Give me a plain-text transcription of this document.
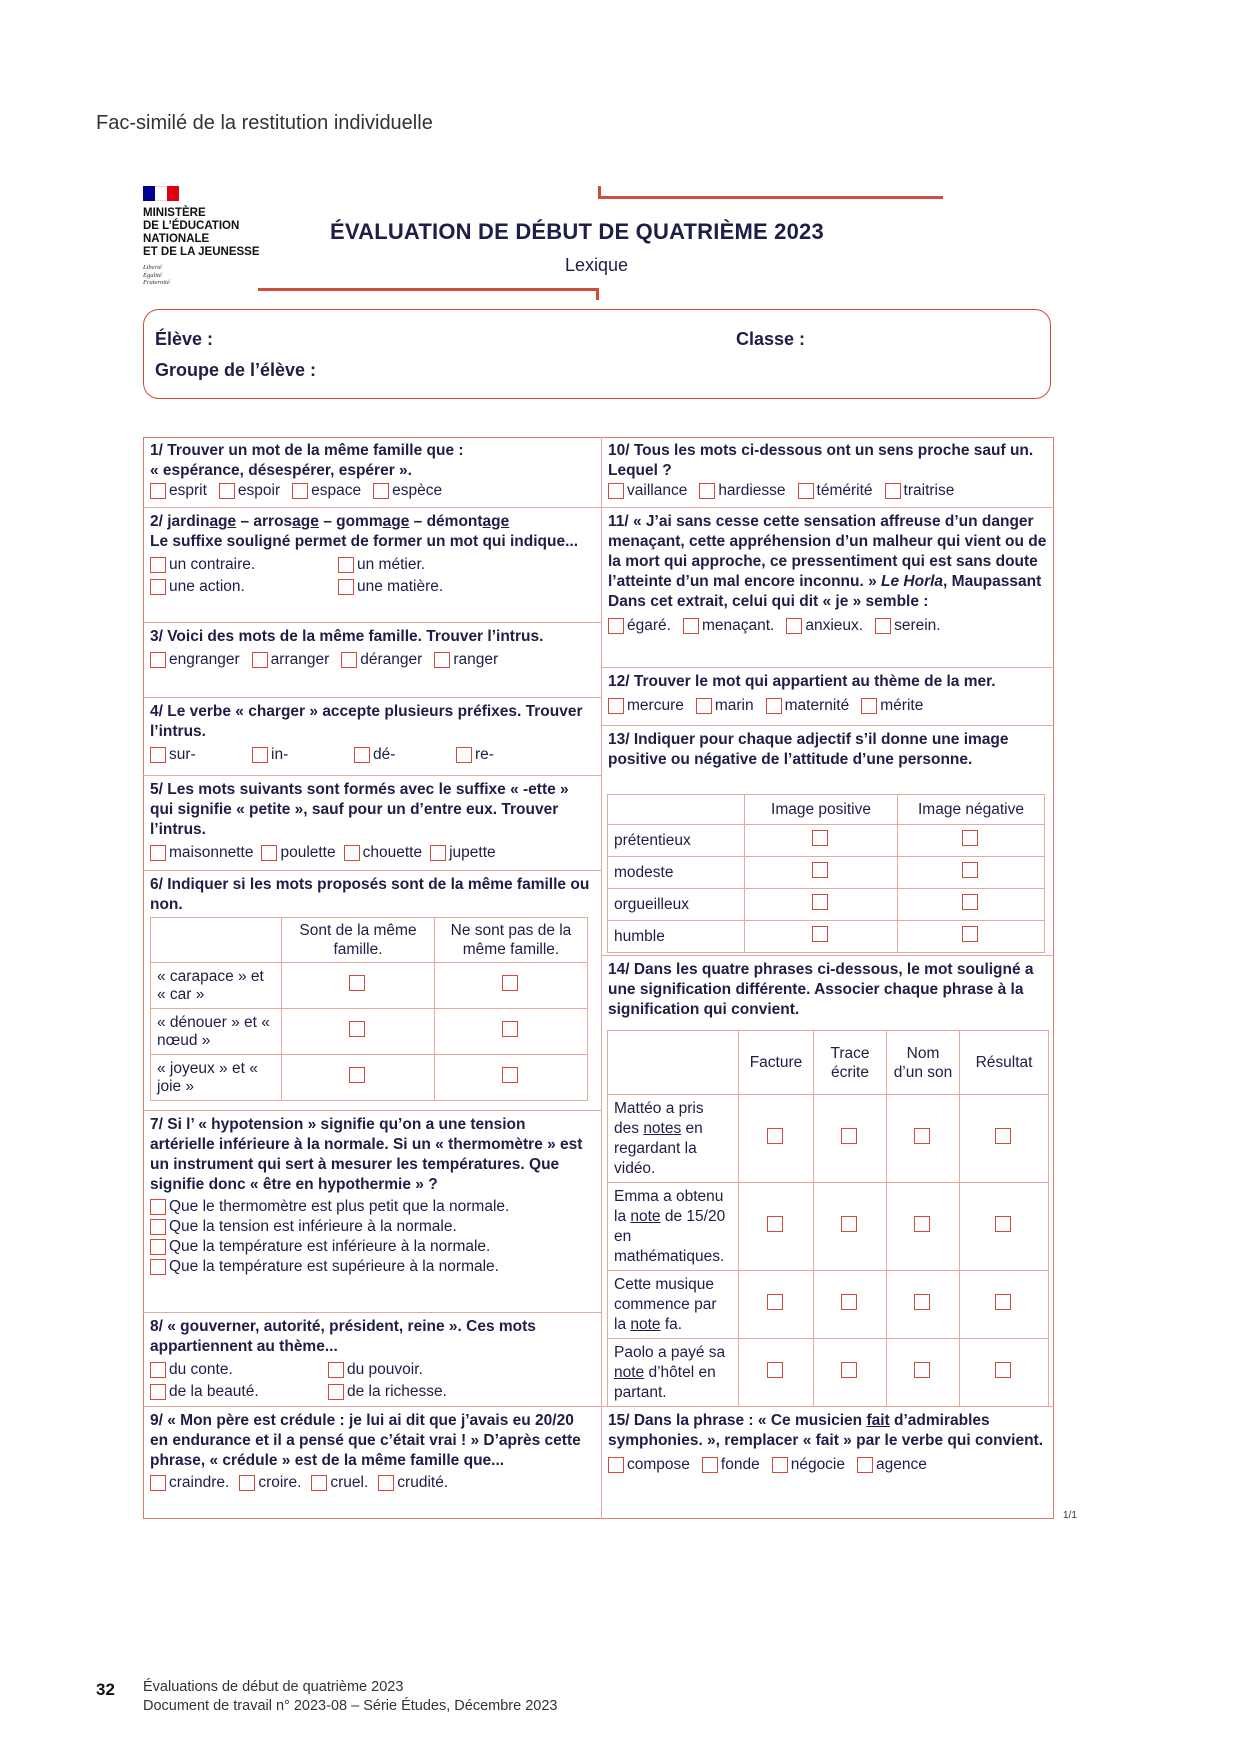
Fac-similé de la restitution individuelle
MINISTÈRE
DE L’ÉDUCATION
NATIONALE
ET DE LA JEUNESSE
Liberté
Égalité
Fraternité
ÉVALUATION DE DÉBUT DE QUATRIÈME 2023
Lexique
Élève :
Groupe de l’élève :
Classe :
1/ Trouver un mot de la même famille que :
« espérance, désespérer, espérer ».
esprit espoir espace espèce
2/ jardinage – arrosage – gommage – démontage
Le suffixe souligné permet de former un mot qui indique...
un contraire.	un métier.
une action.	une matière.
3/ Voici des mots de la même famille. Trouver l’intrus.
engranger arranger déranger ranger
4/ Le verbe « charger » accepte plusieurs préfixes. Trouver l’intrus.
sur-	in-	dé-	re-
5/ Les mots suivants sont formés avec le suffixe « -ette » qui signifie « petite », sauf pour un d’entre eux. Trouver l’intrus.
maisonnette poulette chouette jupette
6/ Indiquer si les mots proposés sont de la même famille ou non.
	Sont de la même famille.	Ne sont pas de la même famille.
« carapace » et « car »		
« dénouer » et « nœud »		
« joyeux » et « joie »		
7/ Si l’ « hypotension » signifie qu’on a une tension artérielle inférieure à la normale. Si un « thermomètre » est un instrument qui sert à mesurer les températures. Que signifie donc « être en hypothermie » ?
Que le thermomètre est plus petit que la normale.
Que la tension est inférieure à la normale.
Que la température est inférieure à la normale.
Que la température est supérieure à la normale.
8/ « gouverner, autorité, président, reine ». Ces mots appartiennent au thème...
du conte.	du pouvoir.
de la beauté.	de la richesse.
9/ « Mon père est crédule : je lui ai dit que j’avais eu 20/20 en endurance et il a pensé que c’était vrai ! » D’après cette phrase, « crédule » est de la même famille que...
craindre. croire. cruel. crudité.
10/ Tous les mots ci-dessous ont un sens proche sauf un. Lequel ?
vaillance hardiesse témérité traitrise
11/ « J’ai sans cesse cette sensation affreuse d’un danger menaçant, cette appréhension d’un malheur qui vient ou de la mort qui approche, ce pressentiment qui est sans doute l’atteinte d’un mal encore inconnu. » Le Horla, Maupassant
Dans cet extrait, celui qui dit « je » semble :
égaré. menaçant. anxieux. serein.
12/ Trouver le mot qui appartient au thème de la mer.
mercure marin maternité mérite
13/ Indiquer pour chaque adjectif s’il donne une image positive ou négative de l’attitude d’une personne.
	Image positive	Image négative
prétentieux		
modeste		
orgueilleux		
humble		
14/ Dans les quatre phrases ci-dessous, le mot souligné a une signification différente. Associer chaque phrase à la signification qui convient.
	Facture	Trace écrite	Nom d’un son	Résultat
Mattéo a pris des notes en regardant la vidéo.				
Emma a obtenu la note de 15/20 en mathématiques.				
Cette musique commence par la note fa.				
Paolo a payé sa note d’hôtel en partant.				
15/ Dans la phrase : « Ce musicien fait d’admirables symphonies. », remplacer « fait » par le verbe qui convient.
compose fonde négocie agence
1/1
32 Évaluations de début de quatrième 2023
Document de travail n° 2023-08 – Série Études, Décembre 2023
